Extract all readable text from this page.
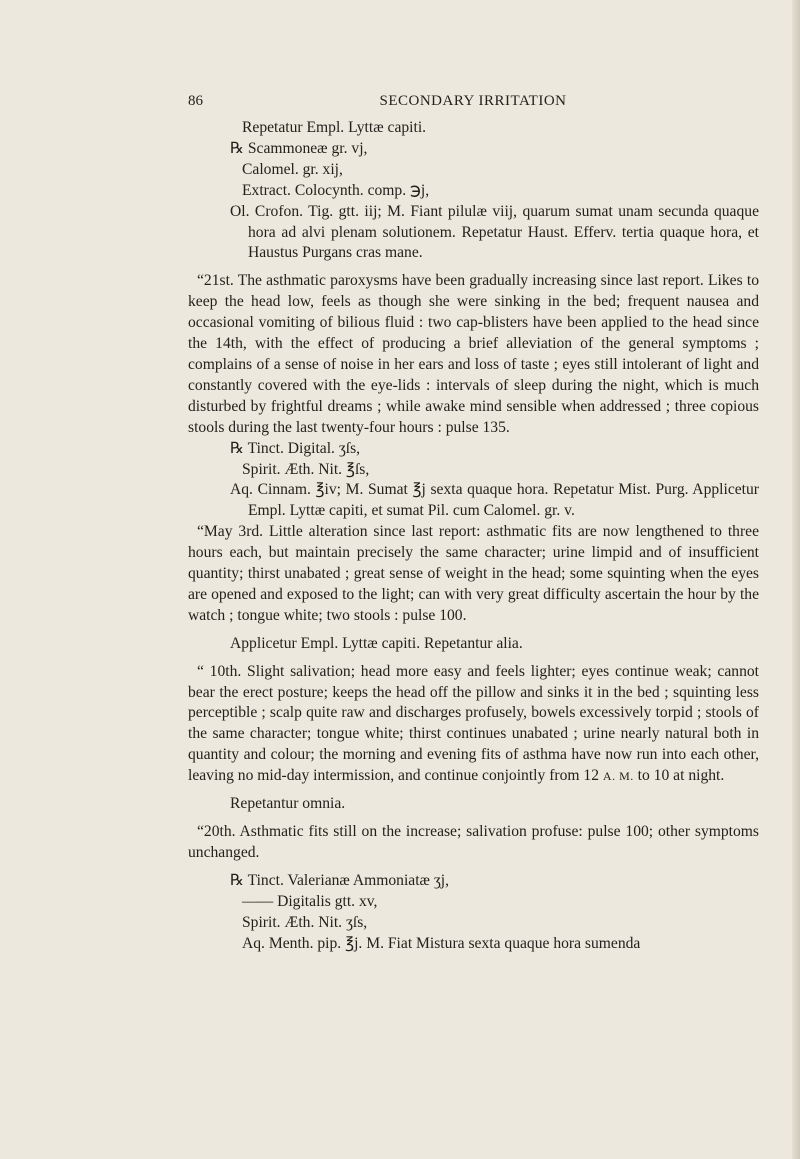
86	SECONDARY IRRITATION

Repetatur Empl. Lyttæ capiti.

℞ Scammoneæ gr. vj,

Calomel. gr. xij,

Extract. Colocynth. comp. ℈j,

Ol. Crofon. Tig. gtt. iij; M. Fiant pilulæ viij, quarum sumat unam secunda quaque hora ad alvi plenam solutionem. Repetatur Haust. Efferv. tertia quaque hora, et Haustus Purgans cras mane.

“21st. The asthmatic paroxysms have been gradually increasing since last report. Likes to keep the head low, feels as though she were sinking in the bed; frequent nausea and occasional vomiting of bilious fluid : two cap-blisters have been applied to the head since the 14th, with the effect of producing a brief alleviation of the general symptoms ; complains of a sense of noise in her ears and loss of taste ; eyes still intolerant of light and constantly covered with the eye-lids : intervals of sleep during the night, which is much disturbed by frightful dreams ; while awake mind sensible when addressed ; three copious stools during the last twenty-four hours : pulse 135.

℞ Tinct. Digital. ʒſs,

Spirit. Æth. Nit. ℥ſs,

Aq. Cinnam. ℥iv; M. Sumat ℥j sexta quaque hora. Repetatur Mist. Purg. Applicetur Empl. Lyttæ capiti, et sumat Pil. cum Calomel. gr. v.

“May 3rd. Little alteration since last report: asthmatic fits are now lengthened to three hours each, but maintain precisely the same character; urine limpid and of insufficient quantity; thirst unabated ; great sense of weight in the head; some squinting when the eyes are opened and exposed to the light; can with very great difficulty ascertain the hour by the watch ; tongue white; two stools : pulse 100.

Applicetur Empl. Lyttæ capiti. Repetantur alia.

“ 10th. Slight salivation; head more easy and feels lighter; eyes continue weak; cannot bear the erect posture; keeps the head off the pillow and sinks it in the bed ; squinting less perceptible ; scalp quite raw and discharges profusely, bowels excessively torpid ; stools of the same character; tongue white; thirst continues unabated ; urine nearly natural both in quantity and colour; the morning and evening fits of asthma have now run into each other, leaving no mid-day intermission, and continue conjointly from 12 A. M. to 10 at night.

Repetantur omnia.

“20th. Asthmatic fits still on the increase; salivation profuse: pulse 100; other symptoms unchanged.

℞ Tinct. Valerianæ Ammoniatæ ʒj,

—— Digitalis gtt. xv,

Spirit. Æth. Nit. ʒſs,

Aq. Menth. pip. ℥j. M. Fiat Mistura sexta quaque hora sumenda
